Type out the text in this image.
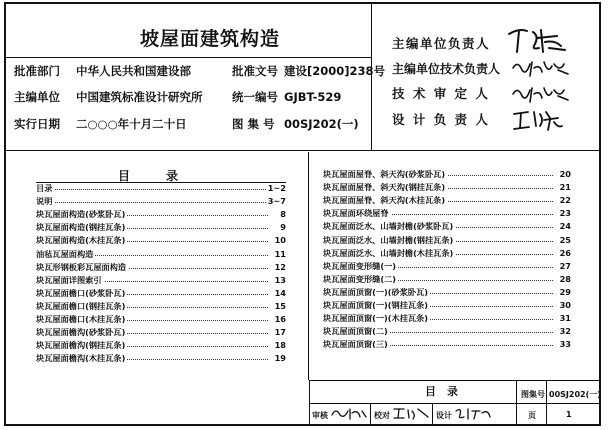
坡屋面建筑构造
批准部门 中华人民共和国建设部	批准文号 建设[2000]238号
主编单位 中国建筑标准设计研究所	统一编号 GJBT-529
实行日期 二○○○年十月二十日	图 集 号 00SJ202(一)
主编单位负责人
主编单位技术负责人
技 术 审 定 人
设 计 负 责 人
目　　录
目录	1~2
说明	3~7
块瓦屋面构造(砂浆卧瓦)	8
块瓦屋面构造(钢挂瓦条)	9
块瓦屋面构造(木挂瓦条)	10
油毡瓦屋面构造	11
块瓦形钢板彩瓦屋面构造	12
块瓦屋面详图索引	13
块瓦屋面檐口(砂浆卧瓦)	14
块瓦屋面檐口(钢挂瓦条)	15
块瓦屋面檐口(木挂瓦条)	16
块瓦屋面檐沟(砂浆卧瓦)	17
块瓦屋面檐沟(钢挂瓦条)	18
块瓦屋面檐沟(木挂瓦条)	19
块瓦屋面屋脊、斜天沟(砂浆卧瓦)	20
块瓦屋面屋脊、斜天沟(钢挂瓦条)	21
块瓦屋面屋脊、斜天沟(木挂瓦条)	22
块瓦屋面环绕屋脊	23
块瓦屋面泛水、山墙封檐(砂浆卧瓦)	24
块瓦屋面泛水、山墙封檐(钢挂瓦条)	25
块瓦屋面泛水、山墙封檐(木挂瓦条)	26
块瓦屋面变形缝(一)	27
块瓦屋面变形缝(二)	28
块瓦屋面顶窗(一)(砂浆卧瓦)	29
块瓦屋面顶窗(一)(钢挂瓦条)	30
块瓦屋面顶窗(一)(木挂瓦条)	31
块瓦屋面顶窗(二)	32
块瓦屋面顶窗(三)	33
目　录	图集号 00SJ202(一)
审核	校对	设计	页	1
